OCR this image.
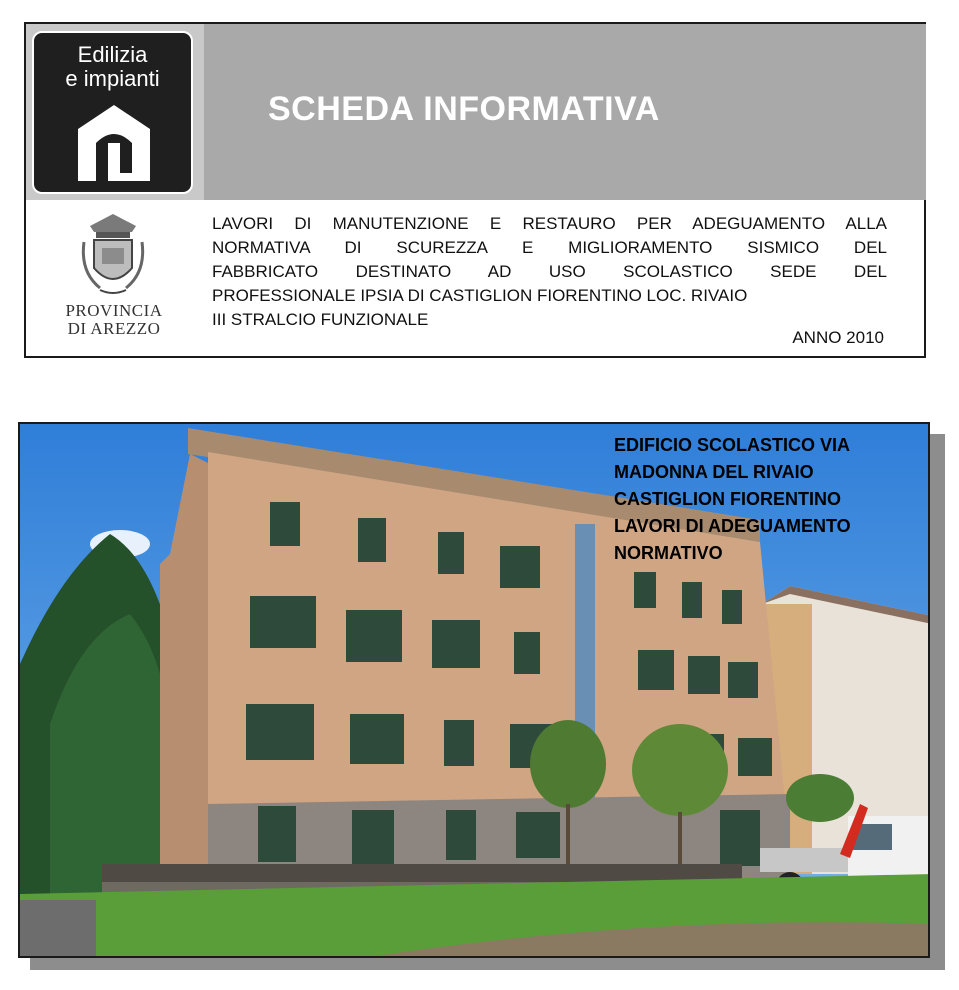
Edilizia
e impianti
SCHEDA INFORMATIVA
PROVINCIA
DI AREZZO
LAVORI DI MANUTENZIONE E RESTAURO PER ADEGUAMENTO ALLA
NORMATIVA DI SCUREZZA E MIGLIORAMENTO SISMICO DEL
FABBRICATO DESTINATO AD USO SCOLASTICO SEDE DEL
PROFESSIONALE IPSIA DI CASTIGLION FIORENTINO LOC. RIVAIO
III STRALCIO FUNZIONALE
ANNO 2010
EDIFICIO SCOLASTICO VIA
MADONNA DEL RIVAIO
CASTIGLION FIORENTINO
LAVORI DI ADEGUAMENTO
NORMATIVO
